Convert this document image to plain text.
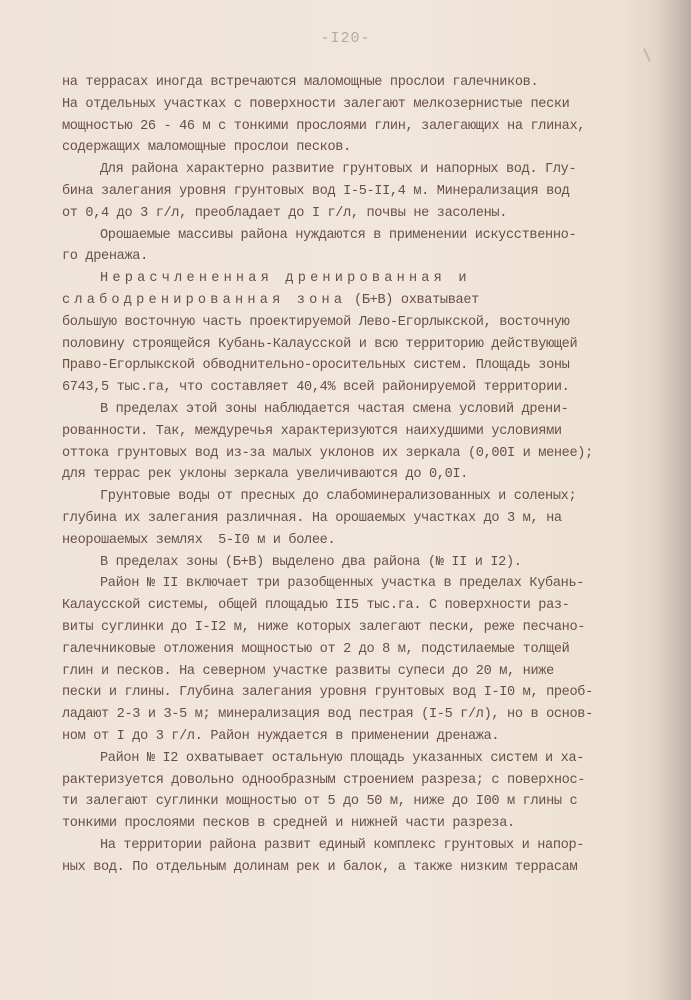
-I20-
на террасах иногда встречаются маломощные прослои галечников.
На отдельных участках с поверхности залегают мелкозернистые пески
мощностью 26 - 46 м с тонкими прослоями глин, залегающих на глинах,
содержащих маломощные прослои песков.
Для района характерно развитие грунтовых и напорных вод. Глу-
бина залегания уровня грунтовых вод I-5-II,4 м. Минерализация вод
от 0,4 до 3 г/л, преобладает до I г/л, почвы не засолены.
Орошаемые массивы района нуждаются в применении искусственно-
го дренажа.
Нерасчлененная дренированная и
слабодренированная зона (Б+В) охватывает
большую восточную часть проектируемой Лево-Егорлыкской, восточную
половину строящейся Кубань-Калаусской и всю территорию действующей
Право-Егорлыкской обводнительно-оросительных систем. Площадь зоны
6743,5 тыс.га, что составляет 40,4% всей районируемой территории.
В пределах этой зоны наблюдается частая смена условий дрени-
рованности. Так, междуречья характеризуются наихудшими условиями
оттока грунтовых вод из-за малых уклонов их зеркала (0,00I и менее);
для террас рек уклоны зеркала увеличиваются до 0,0I.
Грунтовые воды от пресных до слабоминерализованных и соленых;
глубина их залегания различная. На орошаемых участках до 3 м, на
неорошаемых землях  5-I0 м и более.
В пределах зоны (Б+В) выделено два района (№ II и I2).
Район № II включает три разобщенных участка в пределах Кубань-
Калаусской системы, общей площадью II5 тыс.га. С поверхности раз-
виты суглинки до I-I2 м, ниже которых залегают пески, реже песчано-
галечниковые отложения мощностью от 2 до 8 м, подстилаемые толщей
глин и песков. На северном участке развиты супеси до 20 м, ниже
пески и глины. Глубина залегания уровня грунтовых вод I-I0 м, преоб-
ладают 2-3 и 3-5 м; минерализация вод пестрая (I-5 г/л), но в основ-
ном от I до 3 г/л. Район нуждается в применении дренажа.
Район № I2 охватывает остальную площадь указанных систем и ха-
рактеризуется довольно однообразным строением разреза; с поверхнос-
ти залегают суглинки мощностью от 5 до 50 м, ниже до I00 м глины с
тонкими прослоями песков в средней и нижней части разреза.
На территории района развит единый комплекс грунтовых и напор-
ных вод. По отдельным долинам рек и балок, а также низким террасам
